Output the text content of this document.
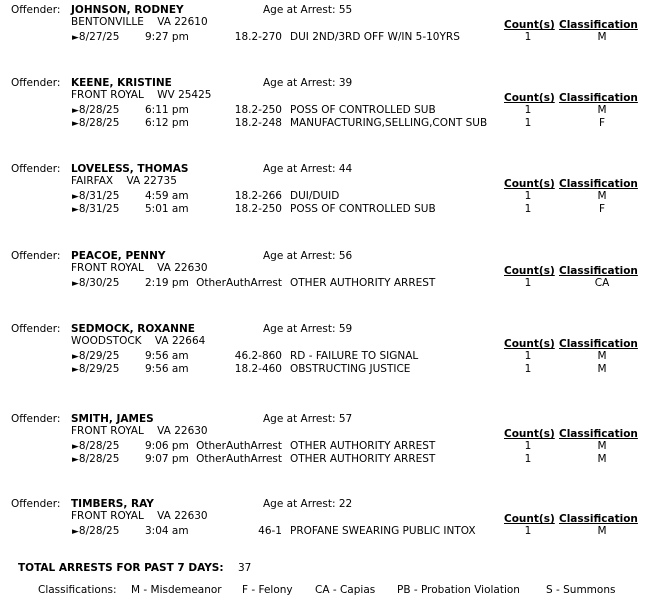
Offender: JOHNSON, RODNEY	Age at Arrest: 55
BENTONVILLE    VA 22610	Count(s) Classification
►8/27/25 9:27 pm	18.2-270 DUI 2ND/3RD OFF W/IN 5-10YRS	1	M
Offender: KEENE, KRISTINE	Age at Arrest: 39
FRONT ROYAL    WV 25425	Count(s) Classification
►8/28/25 6:11 pm	18.2-250 POSS OF CONTROLLED SUB	1	M
►8/28/25 6:12 pm	18.2-248 MANUFACTURING,SELLING,CONT SUB	1	F
Offender: LOVELESS, THOMAS	Age at Arrest: 44
FAIRFAX    VA 22735	Count(s) Classification
►8/31/25 4:59 am	18.2-266 DUI/DUID	1	M
►8/31/25 5:01 am	18.2-250 POSS OF CONTROLLED SUB	1	F
Offender: PEACOE, PENNY	Age at Arrest: 56
FRONT ROYAL    VA 22630	Count(s) Classification
►8/30/25 2:19 pm OtherAuthArrest OTHER AUTHORITY ARREST	1	CA
Offender: SEDMOCK, ROXANNE	Age at Arrest: 59
WOODSTOCK    VA 22664	Count(s) Classification
►8/29/25 9:56 am	46.2-860 RD - FAILURE TO SIGNAL	1	M
►8/29/25 9:56 am	18.2-460 OBSTRUCTING JUSTICE	1	M
Offender: SMITH, JAMES	Age at Arrest: 57
FRONT ROYAL    VA 22630	Count(s) Classification
►8/28/25 9:06 pm OtherAuthArrest OTHER AUTHORITY ARREST	1	M
►8/28/25 9:07 pm OtherAuthArrest OTHER AUTHORITY ARREST	1	M
Offender: TIMBERS, RAY	Age at Arrest: 22
FRONT ROYAL    VA 22630	Count(s) Classification
►8/28/25 3:04 am	46-1 PROFANE SWEARING PUBLIC INTOX	1	M
TOTAL ARRESTS FOR PAST 7 DAYS: 37
Classifications: M - Misdemeanor F - Felony CA - Capias PB - Probation Violation S - Summons
